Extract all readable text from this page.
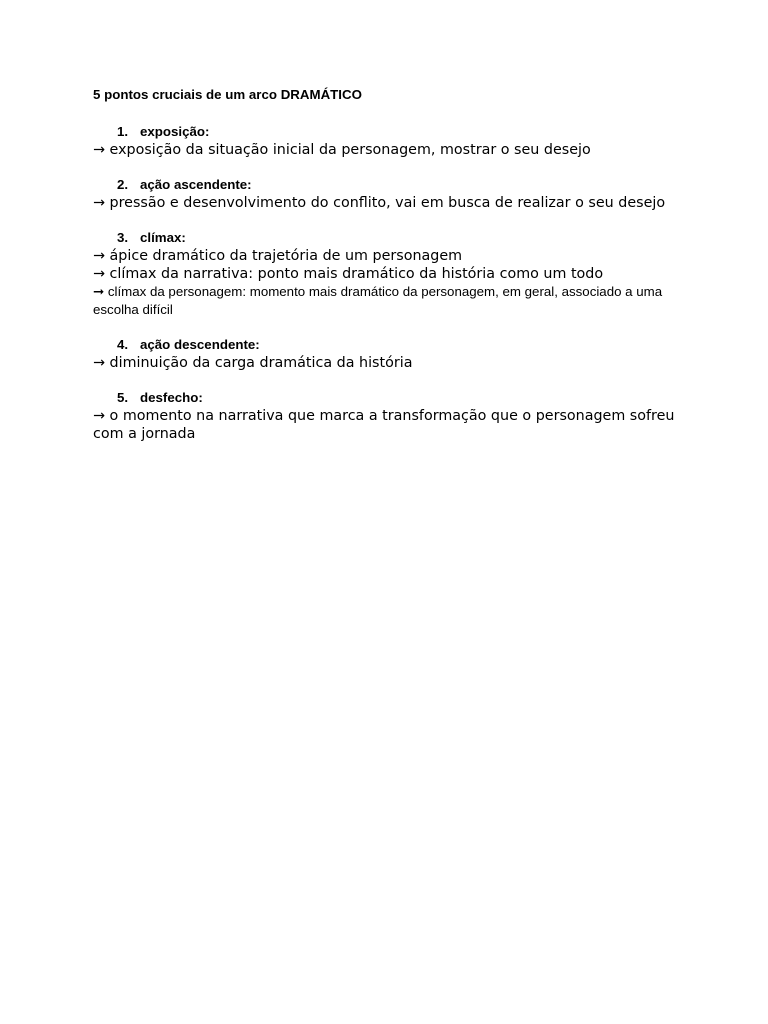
5 pontos cruciais de um arco DRAMÁTICO

1. exposição:

→ exposição da situação inicial da personagem, mostrar o seu desejo

2. ação ascendente:

→ pressão e desenvolvimento do conflito, vai em busca de realizar o seu desejo

3. clímax:

→ ápice dramático da trajetória de um personagem

→ clímax da narrativa: ponto mais dramático da história como um todo

➞ clímax da personagem: momento mais dramático da personagem, em geral, associado a uma escolha difícil

4. ação descendente:

→ diminuição da carga dramática da história

5. desfecho:

→ o momento na narrativa que marca a transformação que o personagem sofreu com a jornada
